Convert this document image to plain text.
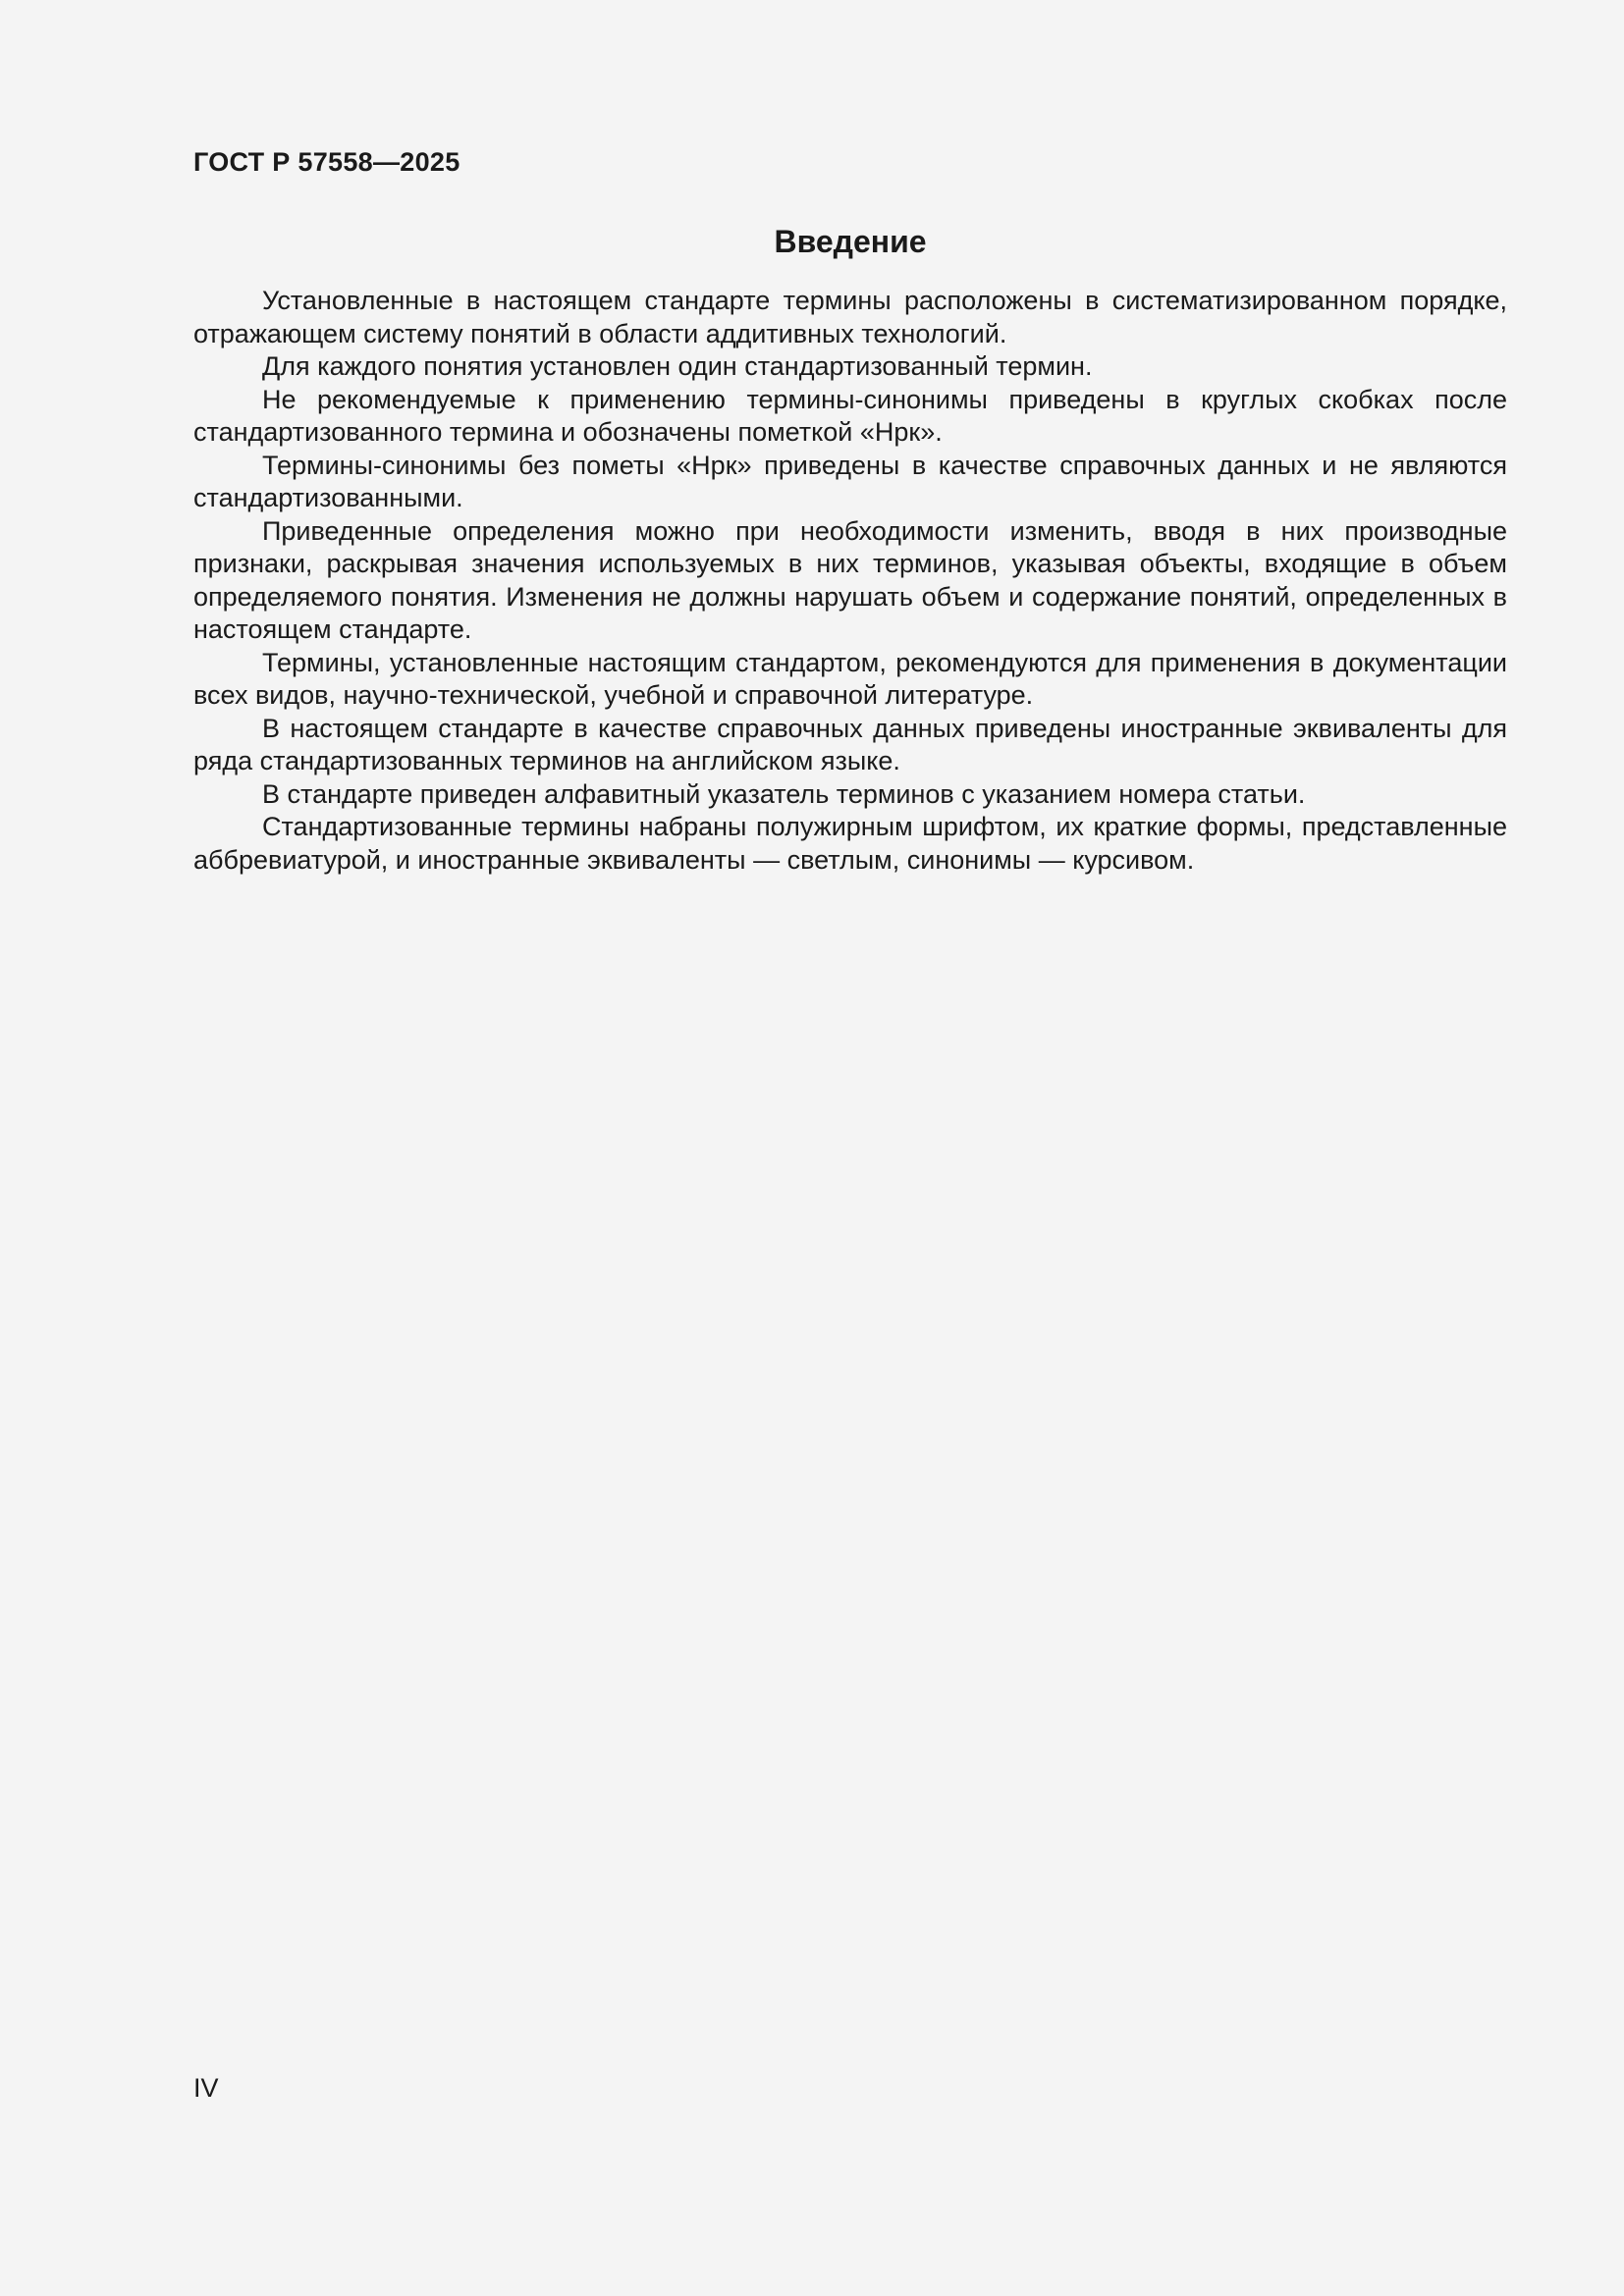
ГОСТ Р 57558—2025
Введение

Установленные в настоящем стандарте термины расположены в систематизированном порядке, отражающем систему понятий в области аддитивных технологий.

Для каждого понятия установлен один стандартизованный термин.

Не рекомендуемые к применению термины-синонимы приведены в круглых скобках после стандартизованного термина и обозначены пометкой «Нрк».

Термины-синонимы без пометы «Нрк» приведены в качестве справочных данных и не являются стандартизованными.

Приведенные определения можно при необходимости изменить, вводя в них производные признаки, раскрывая значения используемых в них терминов, указывая объекты, входящие в объем определяемого понятия. Изменения не должны нарушать объем и содержание понятий, определенных в настоящем стандарте.

Термины, установленные настоящим стандартом, рекомендуются для применения в документации всех видов, научно-технической, учебной и справочной литературе.

В настоящем стандарте в качестве справочных данных приведены иностранные эквиваленты для ряда стандартизованных терминов на английском языке.

В стандарте приведен алфавитный указатель терминов с указанием номера статьи.

Стандартизованные термины набраны полужирным шрифтом, их краткие формы, представленные аббревиатурой, и иностранные эквиваленты — светлым, синонимы — курсивом.

IV
